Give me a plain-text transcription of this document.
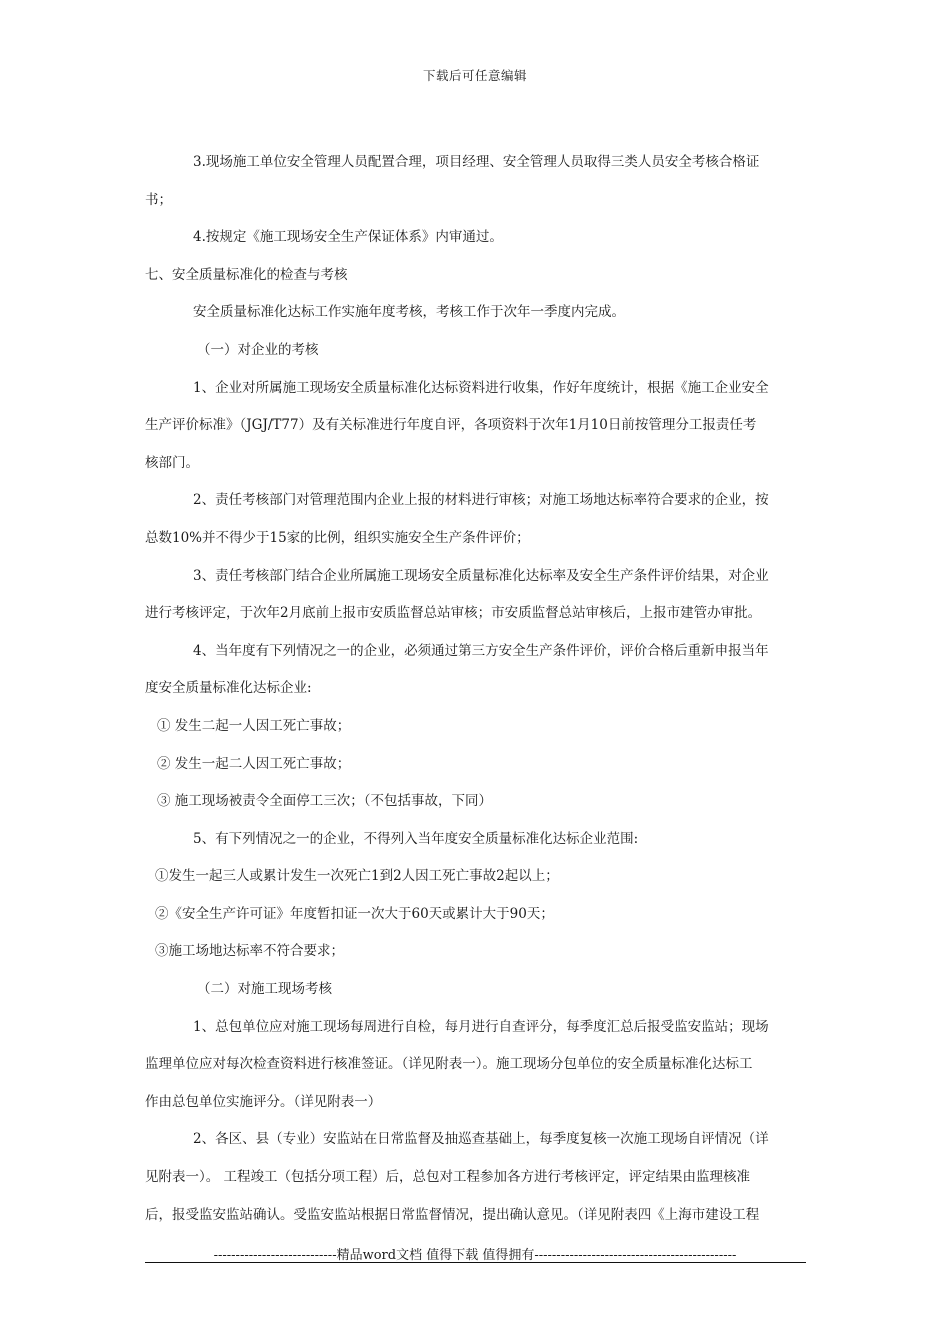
下载后可任意编辑
3.现场施工单位安全管理人员配置合理，项目经理、安全管理人员取得三类人员安全考核合格证
书；
4.按规定《施工现场安全生产保证体系》内审通过。
七、安全质量标准化的检查与考核
安全质量标准化达标工作实施年度考核，考核工作于次年一季度内完成。
（一）对企业的考核
1、企业对所属施工现场安全质量标准化达标资料进行收集，作好年度统计，根据《施工企业安全
生产评价标准》（JGJ/T77）及有关标准进行年度自评，各项资料于次年1月10日前按管理分工报责任考
核部门。
2、责任考核部门对管理范围内企业上报的材料进行审核；对施工场地达标率符合要求的企业，按
总数10%并不得少于15家的比例，组织实施安全生产条件评价；
3、责任考核部门结合企业所属施工现场安全质量标准化达标率及安全生产条件评价结果，对企业
进行考核评定，于次年2月底前上报市安质监督总站审核；市安质监督总站审核后，上报市建管办审批。
4、当年度有下列情况之一的企业，必须通过第三方安全生产条件评价，评价合格后重新申报当年
度安全质量标准化达标企业:
① 发生二起一人因工死亡事故；
② 发生一起二人因工死亡事故；
③ 施工现场被责令全面停工三次；（不包括事故，下同）
5、有下列情况之一的企业，不得列入当年度安全质量标准化达标企业范围:
①发生一起三人或累计发生一次死亡1到2人因工死亡事故2起以上；
②《安全生产许可证》年度暂扣证一次大于60天或累计大于90天；
③施工场地达标率不符合要求；
（二）对施工现场考核
1、总包单位应对施工现场每周进行自检，每月进行自查评分，每季度汇总后报受监安监站；现场
监理单位应对每次检查资料进行核准签证。（详见附表一）。施工现场分包单位的安全质量标准化达标工
作由总包单位实施评分。（详见附表一）
2、各区、县（专业）安监站在日常监督及抽巡查基础上，每季度复核一次施工现场自评情况（详
见附表一）。 工程竣工（包括分项工程）后，总包对工程参加各方进行考核评定，评定结果由监理核准
后，报受监安监站确认。受监安监站根据日常监督情况，提出确认意见。（详见附表四《上海市建设工程
----------------------------精品word文档 值得下载 值得拥有----------------------------------------------
